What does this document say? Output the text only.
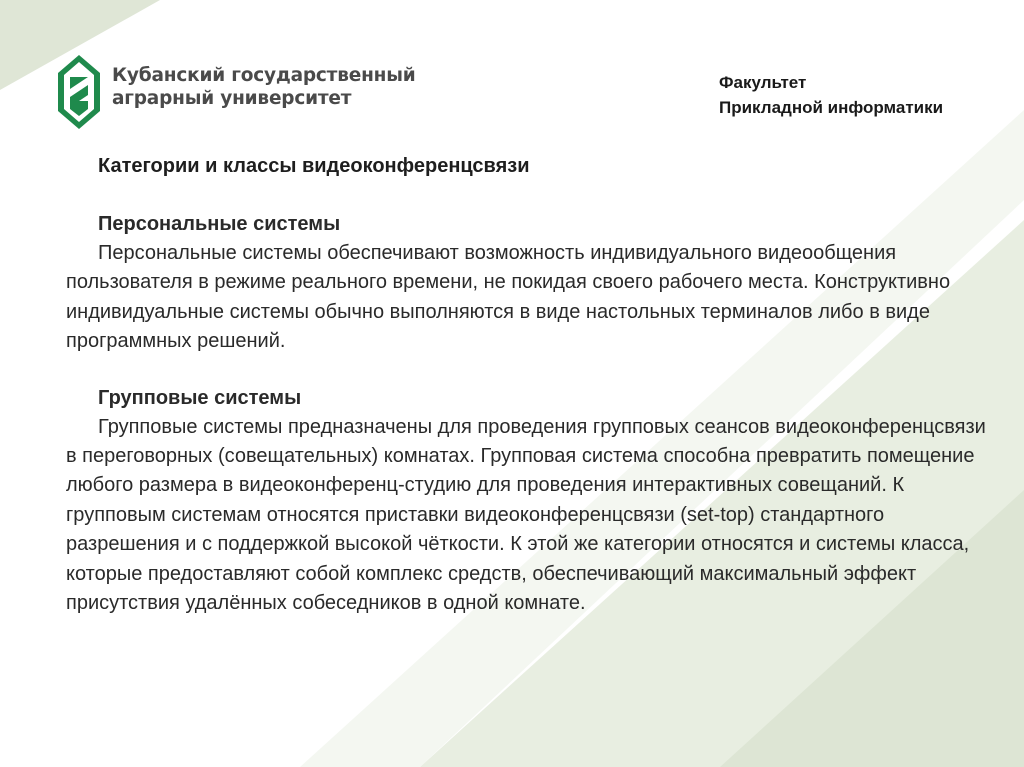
Кубанский государственный
аграрный университет
Факультет
Прикладной информатики
Категории и классы видеоконференцсвязи
Персональные системы

Персональные системы обеспечивают возможность индивидуального видеообщения пользователя в режиме реального времени, не покидая своего рабочего места. Конструктивно индивидуальные системы обычно выполняются в виде настольных терминалов либо в виде программных решений.

Групповые системы

Групповые системы предназначены для проведения групповых сеансов видеоконференцсвязи в переговорных (совещательных) комнатах. Групповая система способна превратить помещение любого размера в видеоконференц-студию для проведения интерактивных совещаний. К групповым системам относятся приставки видеоконференцсвязи (set-top) стандартного разрешения и с поддержкой высокой чёткости. К этой же категории относятся и системы класса, которые предоставляют собой комплекс средств, обеспечивающий максимальный эффект присутствия удалённых собеседников в одной комнате.
